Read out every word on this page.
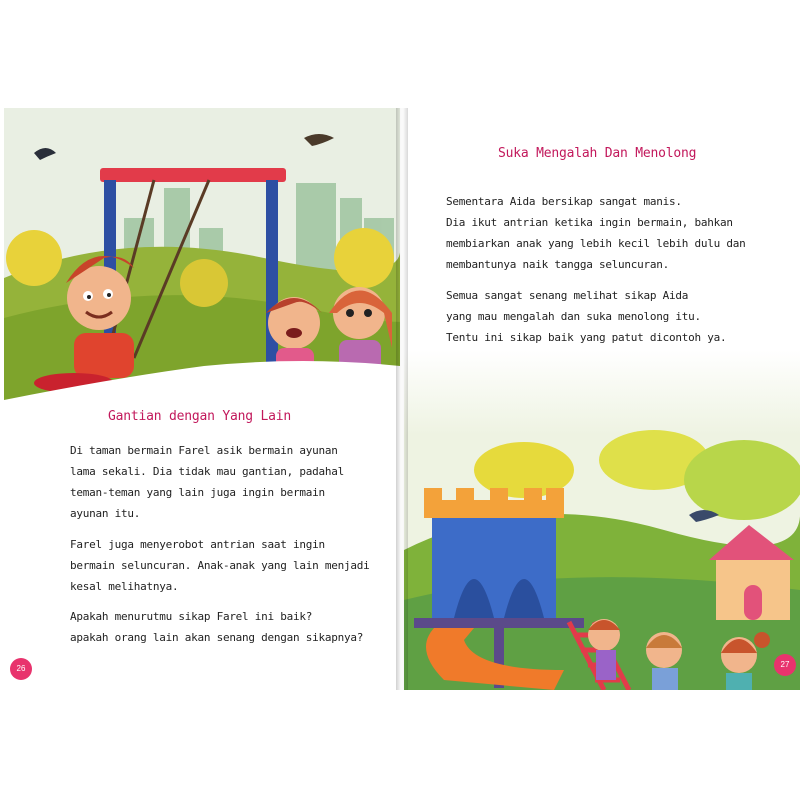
Gantian dengan Yang Lain
Di taman bermain Farel asik bermain ayunan
lama sekali. Dia tidak mau gantian, padahal
teman-teman yang lain juga ingin bermain
ayunan itu.
Farel juga menyerobot antrian saat ingin
bermain seluncuran. Anak-anak yang lain menjadi
kesal melihatnya.
Apakah menurutmu sikap Farel ini baik?
apakah orang lain akan senang dengan sikapnya?
26
Suka Mengalah Dan Menolong
Sementara Aida bersikap sangat manis.
Dia ikut antrian ketika ingin bermain, bahkan
membiarkan anak yang lebih kecil lebih dulu dan
membantunya naik tangga seluncuran.
Semua sangat senang melihat sikap Aida
yang mau mengalah dan suka menolong itu.
Tentu ini sikap baik yang patut dicontoh ya.
27
